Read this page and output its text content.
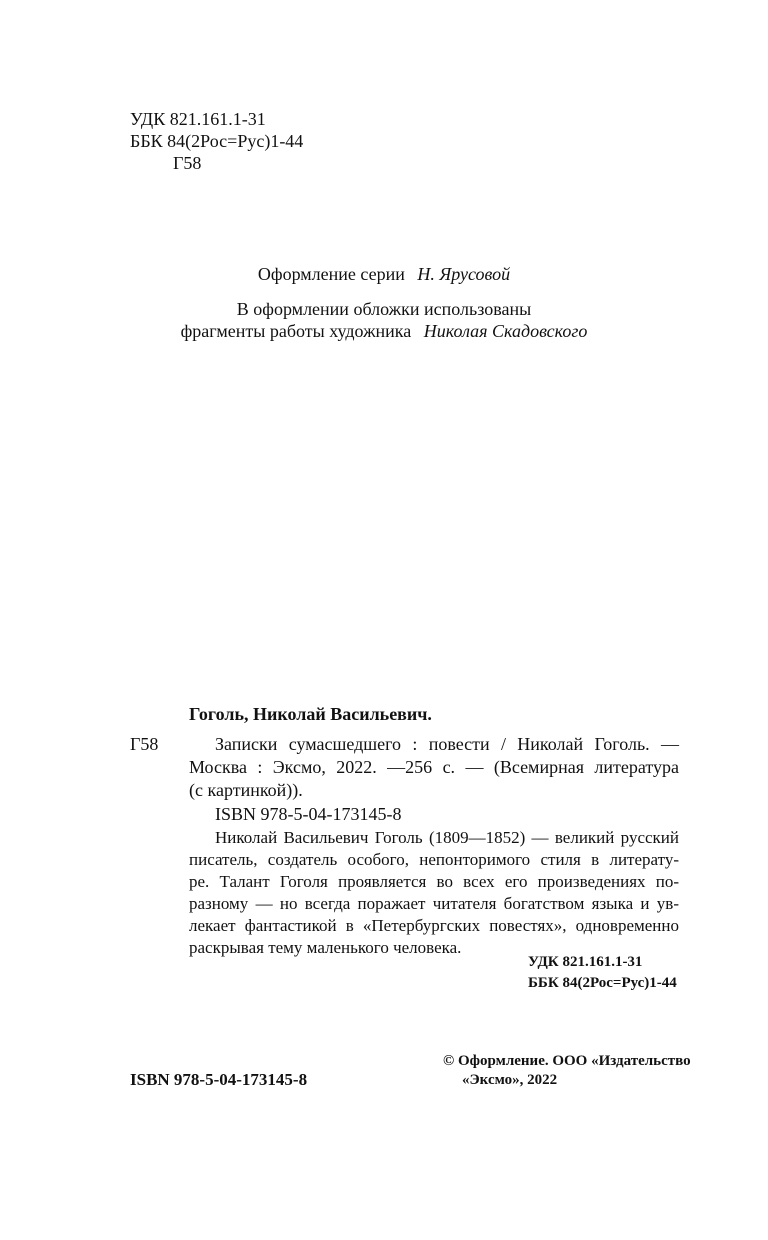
УДК 821.161.1-31
ББК 84(2Рос=Рус)1-44
Г58
Оформление серии Н. Ярусовой
В оформлении обложки использованы
фрагменты работы художника Николая Скадовского
Гоголь, Николай Васильевич.
Г58	Записки сумасшедшего : повести / Николай Гоголь. —
Москва : Эксмо, 2022. —256 с. — (Всемирная литература
(с картинкой)).
ISBN 978-5-04-173145-8
Николай Васильевич Гоголь (1809—1852) — великий русский
писатель, создатель особого, непонторимого стиля в литерату-
ре. Талант Гоголя проявляется во всех его произведениях по-
разному — но всегда поражает читателя богатством языка и ув-
лекает фантастикой в «Петербургских повестях», одновременно
раскрывая тему маленького человека.
УДК 821.161.1-31
ББК 84(2Рос=Рус)1-44
ISBN 978-5-04-173145-8
© Оформление. ООО «Издательство
«Эксмо», 2022
